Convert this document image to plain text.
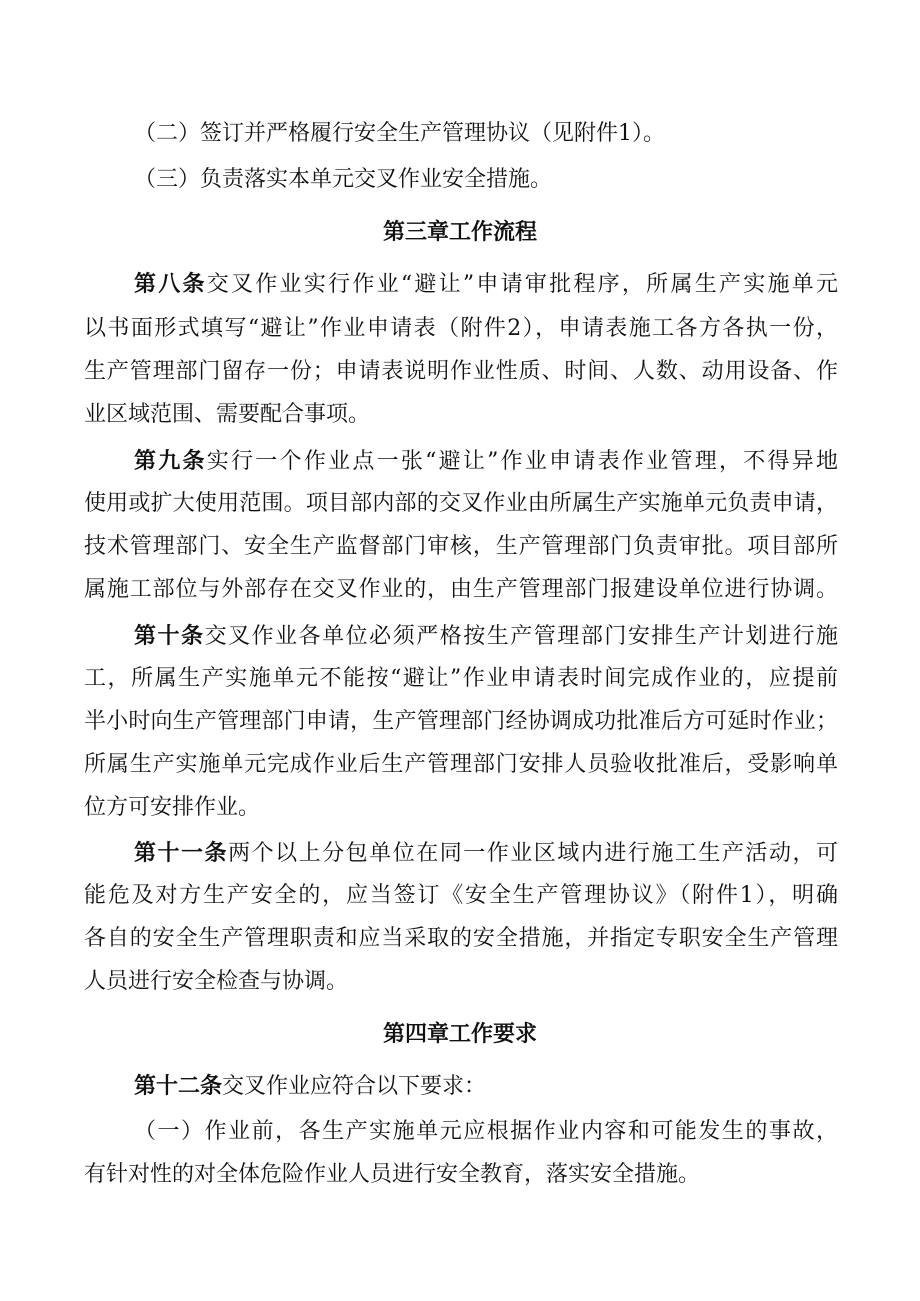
（二）签订并严格履行安全生产管理协议（见附件1）。
（三）负责落实本单元交叉作业安全措施。
第三章工作流程
第八条交叉作业实行作业“避让”申请审批程序，所属生产实施单元
以书面形式填写“避让”作业申请表（附件2），申请表施工各方各执一份，
生产管理部门留存一份；申请表说明作业性质、时间、人数、动用设备、作
业区域范围、需要配合事项。
第九条实行一个作业点一张“避让”作业申请表作业管理，不得异地
使用或扩大使用范围。项目部内部的交叉作业由所属生产实施单元负责申请，
技术管理部门、安全生产监督部门审核，生产管理部门负责审批。项目部所
属施工部位与外部存在交叉作业的，由生产管理部门报建设单位进行协调。
第十条交叉作业各单位必须严格按生产管理部门安排生产计划进行施
工，所属生产实施单元不能按“避让”作业申请表时间完成作业的，应提前
半小时向生产管理部门申请，生产管理部门经协调成功批准后方可延时作业；
所属生产实施单元完成作业后生产管理部门安排人员验收批准后，受影响单
位方可安排作业。
第十一条两个以上分包单位在同一作业区域内进行施工生产活动，可
能危及对方生产安全的，应当签订《安全生产管理协议》（附件1），明确
各自的安全生产管理职责和应当采取的安全措施，并指定专职安全生产管理
人员进行安全检查与协调。
第四章工作要求
第十二条交叉作业应符合以下要求：
（一）作业前，各生产实施单元应根据作业内容和可能发生的事故，
有针对性的对全体危险作业人员进行安全教育，落实安全措施。
